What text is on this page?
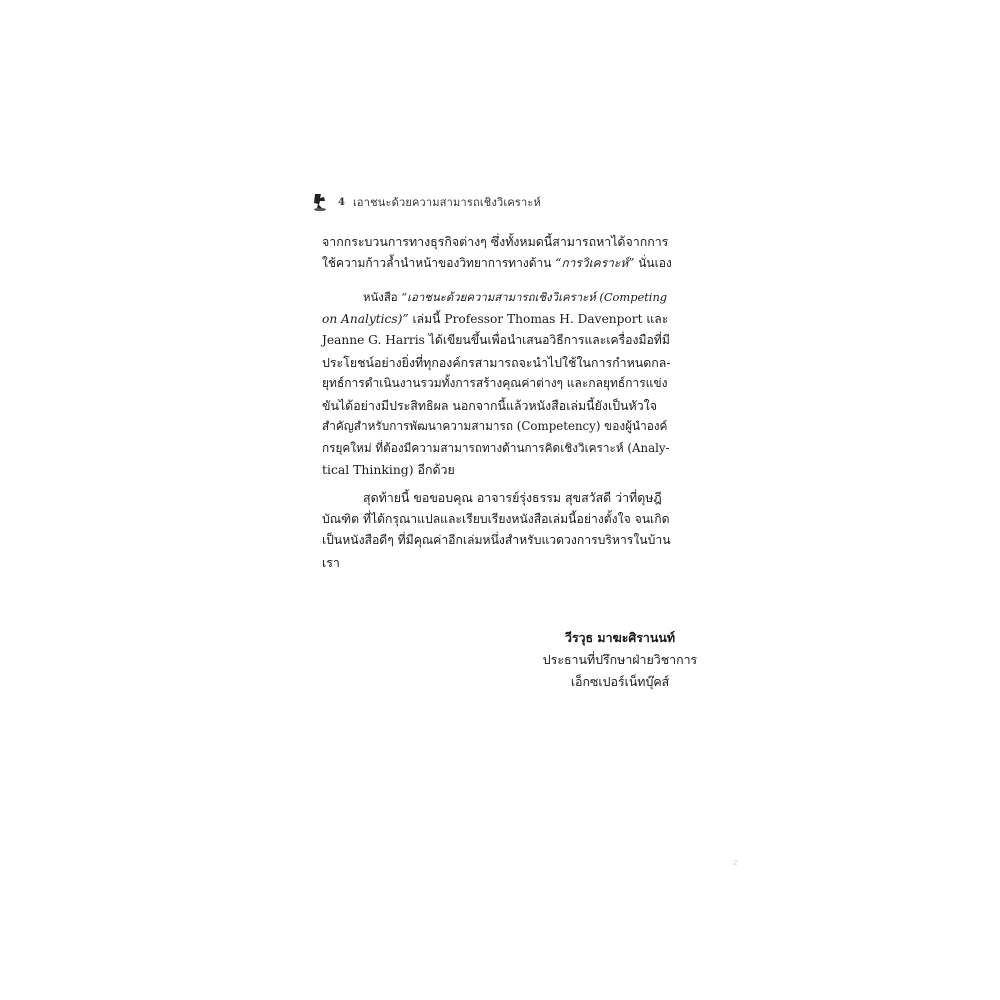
4 เอาชนะด้วยความสามารถเชิงวิเคราะห์
จากกระบวนการทางธุรกิจต่างๆ ซึ่งทั้งหมดนี้สามารถหาได้จากการ
ใช้ความก้าวล้ำนำหน้าของวิทยาการทางด้าน “การวิเคราะห์” นั่นเอง
หนังสือ “เอาชนะด้วยความสามารถเชิงวิเคราะห์ (Competing
on Analytics)” เล่มนี้ Professor Thomas H. Davenport และ
Jeanne G. Harris ได้เขียนขึ้นเพื่อนำเสนอวิธีการและเครื่องมือที่มี
ประโยชน์อย่างยิ่งที่ทุกองค์กรสามารถจะนำไปใช้ในการกำหนดกล-
ยุทธ์การดำเนินงานรวมทั้งการสร้างคุณค่าต่างๆ และกลยุทธ์การแข่ง
ขันได้อย่างมีประสิทธิผล นอกจากนี้แล้วหนังสือเล่มนี้ยังเป็นหัวใจ
สำคัญสำหรับการพัฒนาความสามารถ (Competency) ของผู้นำองค์
กรยุคใหม่ ที่ต้องมีความสามารถทางด้านการคิดเชิงวิเคราะห์ (Analy-
tical Thinking) อีกด้วย
สุดท้ายนี้ ขอขอบคุณ อาจารย์รุ่งธรรม สุขสวัสดี ว่าที่ดุษฎี
บัณฑิต ที่ได้กรุณาแปลและเรียบเรียงหนังสือเล่มนี้อย่างตั้งใจ จนเกิด
เป็นหนังสือดีๆ ที่มีคุณค่าอีกเล่มหนึ่งสำหรับแวดวงการบริหารในบ้าน
เรา
วีรวุธ มาฆะศิรานนท์
ประธานที่ปรึกษาฝ่ายวิชาการ
เอ็กซเปอร์เน็ทบุ๊คส์
z
